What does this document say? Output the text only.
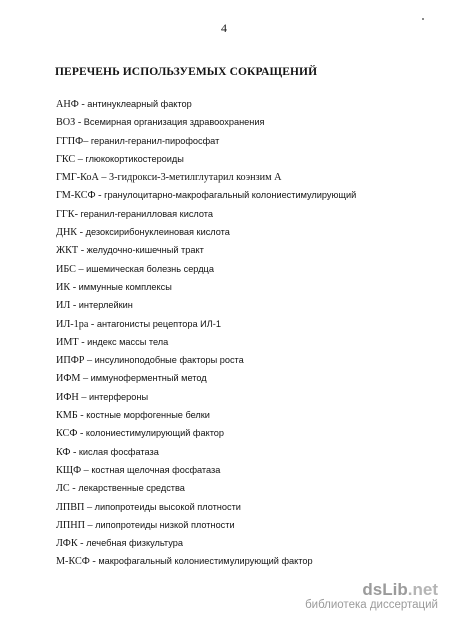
4
ПЕРЕЧЕНЬ ИСПОЛЬЗУЕМЫХ СОКРАЩЕНИЙ
АНФ - антинуклеарный фактор
ВОЗ - Всемирная организация здравоохранения
ГГПФ– геранил-геранил-пирофосфат
ГКС – глюкокортикостероиды
ГМГ-КоА – 3-гидрокси-3-метилглутарил коэнзим А
ГМ-КСФ - гранулоцитарно-макрофагальный колониестимулирующий
ГГК- геранил-геранилловая кислота
ДНК - дезоксирибонуклеиновая кислота
ЖКТ - желудочно-кишечный тракт
ИБС – ишемическая болезнь сердца
ИК - иммунные комплексы
ИЛ - интерлейкин
ИЛ-1ра - антагонисты рецептора ИЛ-1
ИМТ - индекс массы тела
ИПФР – инсулиноподобные факторы роста
ИФМ – иммуноферментный метод
ИФН – интерфероны
КМБ - костные морфогенные белки
КСФ - колониестимулирующий фактор
КФ - кислая фосфатаза
КЩФ – костная щелочная фосфатаза
ЛС - лекарственные средства
ЛПВП – липопротеиды высокой плотности
ЛПНП – липопротеиды низкой плотности
ЛФК - лечебная физкультура
М-КСФ - макрофагальный колониестимулирующий фактор
dsLib.net
библиотека диссертаций
